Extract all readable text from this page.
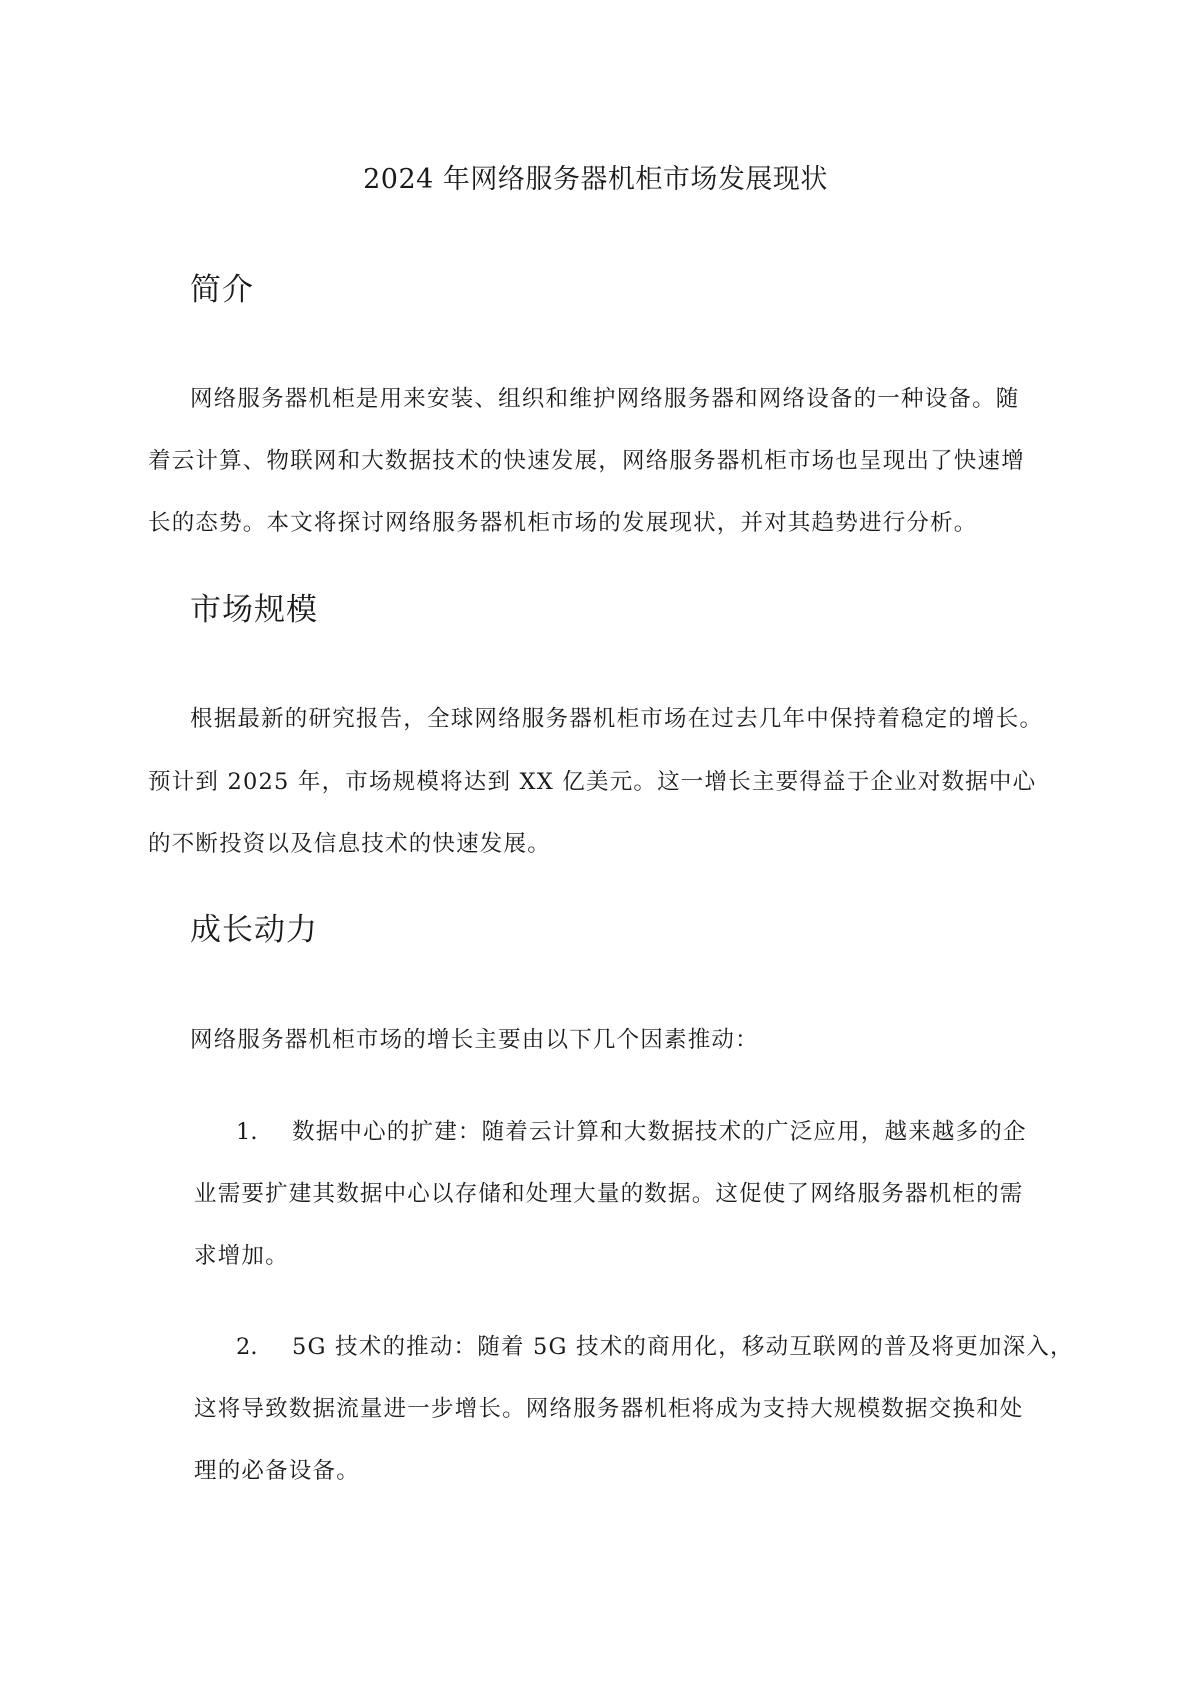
2024 年网络服务器机柜市场发展现状
简介
网络服务器机柜是用来安装、组织和维护网络服务器和网络设备的一种设备。随
着云计算、物联网和大数据技术的快速发展，网络服务器机柜市场也呈现出了快速增
长的态势。本文将探讨网络服务器机柜市场的发展现状，并对其趋势进行分析。
市场规模
根据最新的研究报告，全球网络服务器机柜市场在过去几年中保持着稳定的增长。
预计到 2025 年，市场规模将达到 XX 亿美元。这一增长主要得益于企业对数据中心
的不断投资以及信息技术的快速发展。
成长动力
网络服务器机柜市场的增长主要由以下几个因素推动：
1. 数据中心的扩建：随着云计算和大数据技术的广泛应用，越来越多的企
业需要扩建其数据中心以存储和处理大量的数据。这促使了网络服务器机柜的需
求增加。
2. 5G 技术的推动：随着 5G 技术的商用化，移动互联网的普及将更加深入，
这将导致数据流量进一步增长。网络服务器机柜将成为支持大规模数据交换和处
理的必备设备。
